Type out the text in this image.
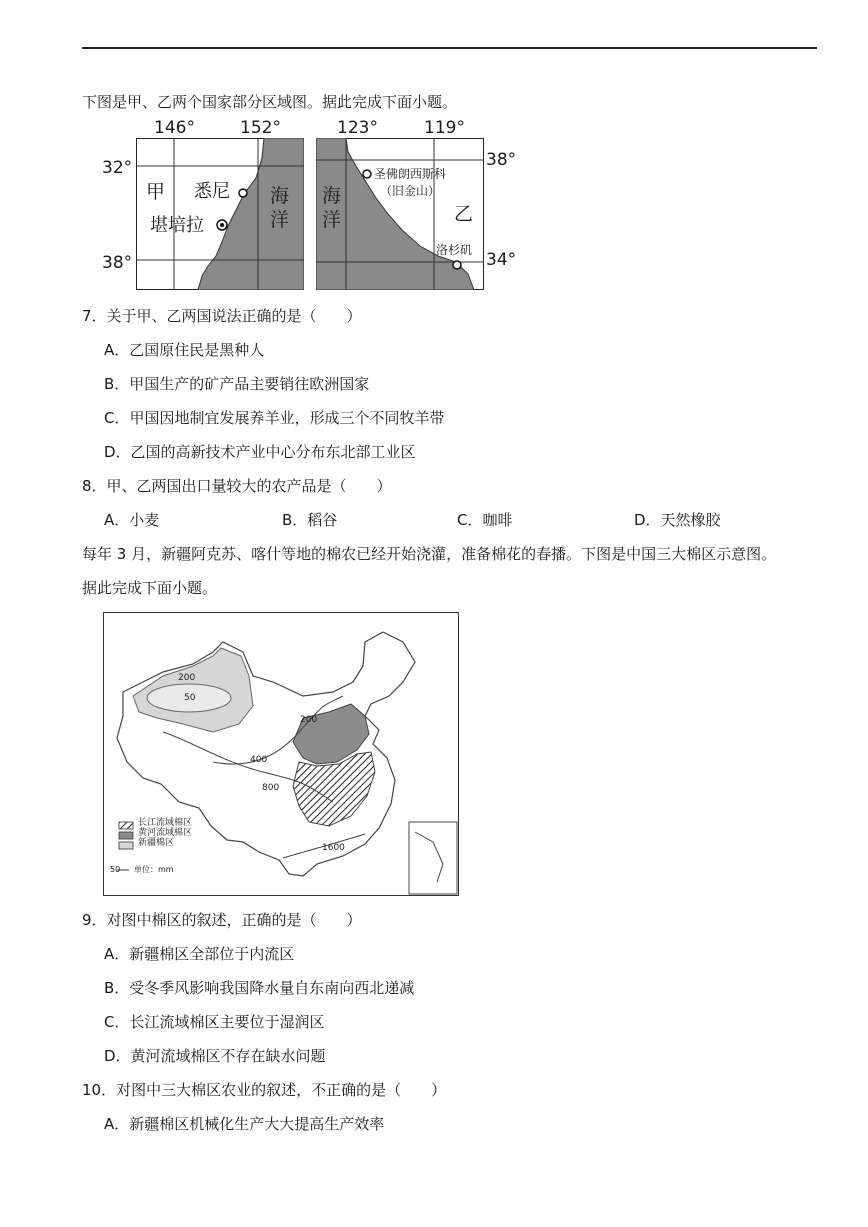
下图是甲、乙两个国家部分区域图。据此完成下面小题。
146°	152°	123°	119°
32°
38°
38°
34°
甲 悉尼
堪培拉
海
洋
海
洋
圣佛朗西斯科
（旧金山）
乙
洛杉矶
7．关于甲、乙两国说法正确的是（　　）
A．乙国原住民是黑种人
B．甲国生产的矿产品主要销往欧洲国家
C．甲国因地制宜发展养羊业，形成三个不同牧羊带
D．乙国的高新技术产业中心分布东北部工业区
8．甲、乙两国出口量较大的农产品是（　　）
A．小麦	B．稻谷	C．咖啡	D．天然橡胶
每年 3 月，新疆阿克苏、喀什等地的棉农已经开始浇灌，准备棉花的春播。下图是中国三大棉区示意图。
据此完成下面小题。
200
50
200
400
800
1600
长江流域棉区
黄河流域棉区
新疆棉区
50 单位：mm
9．对图中棉区的叙述，正确的是（　　）
A．新疆棉区全部位于内流区
B．受冬季风影响我国降水量自东南向西北递减
C．长江流域棉区主要位于湿润区
D．黄河流域棉区不存在缺水问题
10．对图中三大棉区农业的叙述，不正确的是（　　）
A．新疆棉区机械化生产大大提高生产效率
